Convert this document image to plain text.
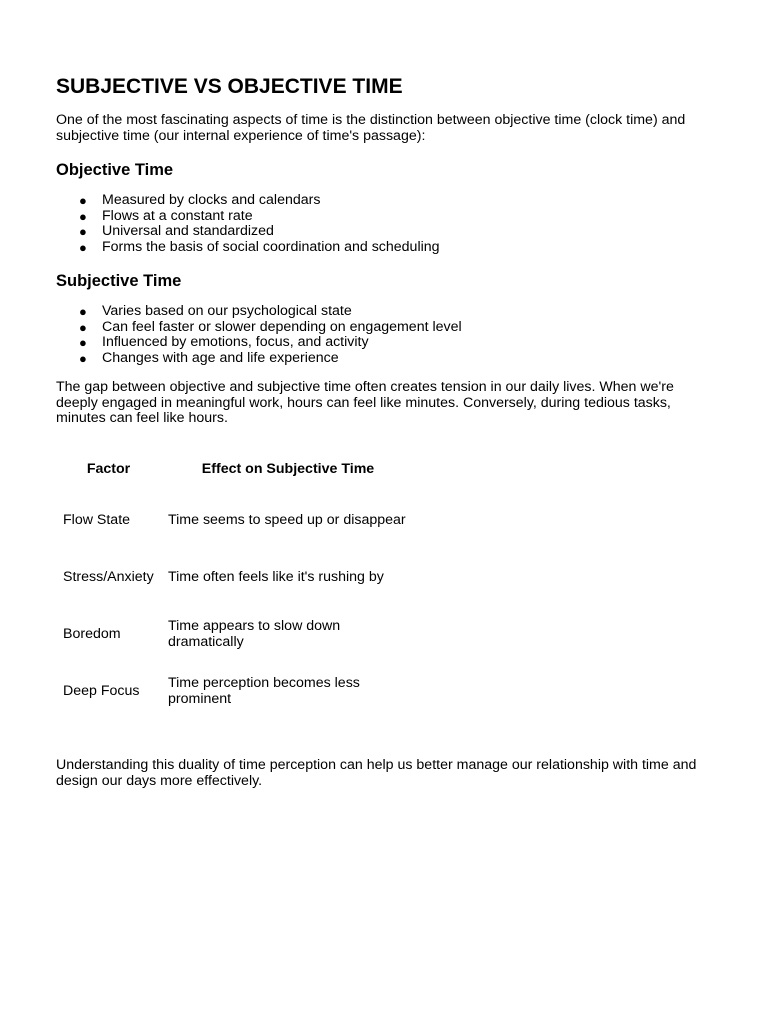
SUBJECTIVE VS OBJECTIVE TIME

One of the most fascinating aspects of time is the distinction between objective time (clock time) and subjective time (our internal experience of time's passage):

Objective Time
● Measured by clocks and calendars
● Flows at a constant rate
● Universal and standardized
● Forms the basis of social coordination and scheduling
Subjective Time
● Varies based on our psychological state
● Can feel faster or slower depending on engagement level
● Influenced by emotions, focus, and activity
● Changes with age and life experience

The gap between objective and subjective time often creates tension in our daily lives. When we're deeply engaged in meaningful work, hours can feel like minutes. Conversely, during tedious tasks, minutes can feel like hours.

Factor	Effect on Subjective Time
Flow State	Time seems to speed up or disappear
Stress/Anxiety	Time often feels like it's rushing by
Boredom	Time appears to slow down dramatically
Deep Focus	Time perception becomes less prominent

Understanding this duality of time perception can help us better manage our relationship with time and design our days more effectively.
